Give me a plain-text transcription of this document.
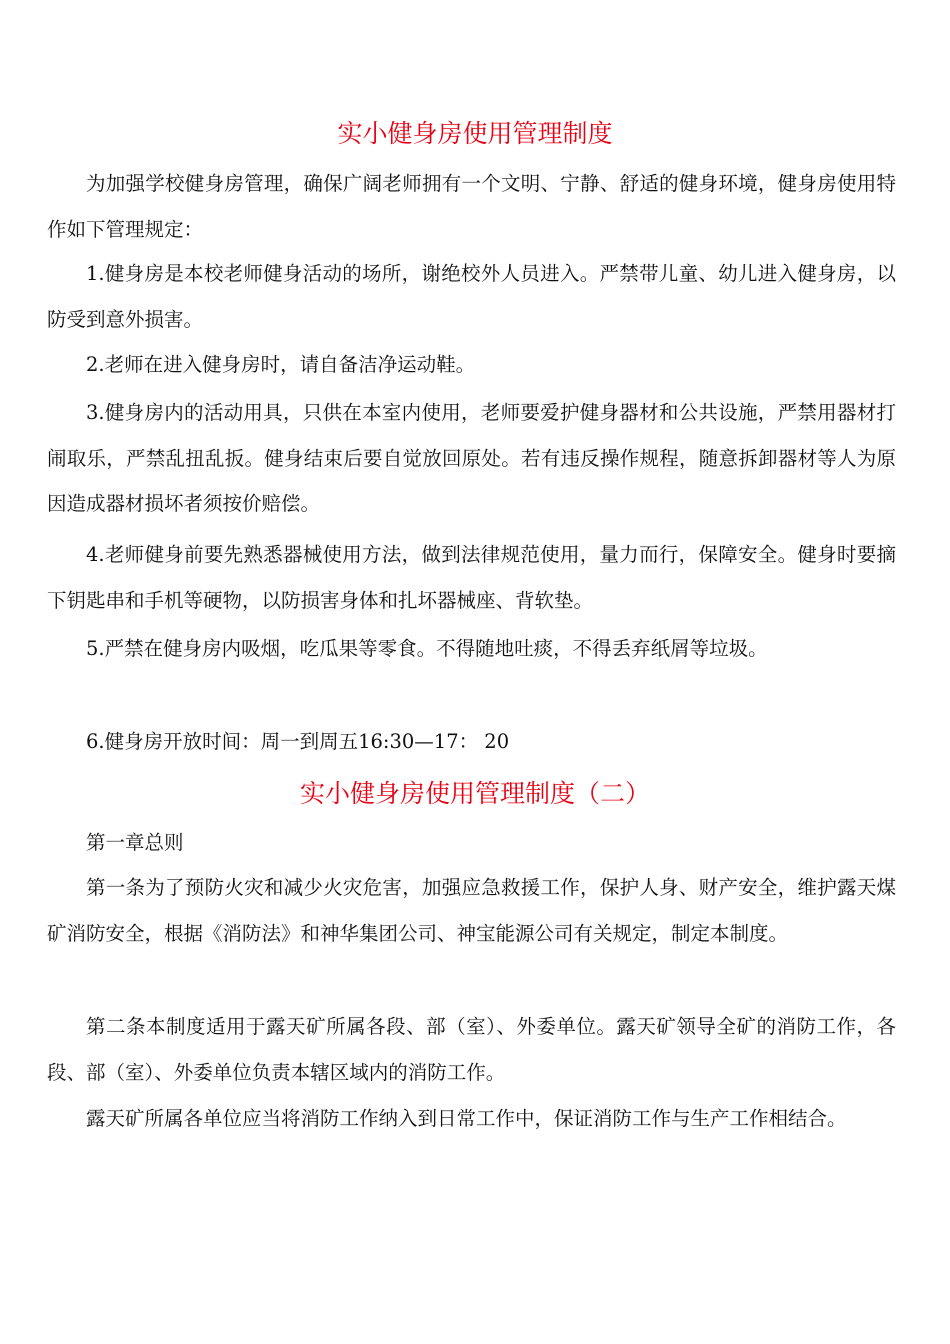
实小健身房使用管理制度

为加强学校健身房管理，确保广阔老师拥有一个文明、宁静、舒适的健身环境，健身房使用特作如下管理规定：

1.健身房是本校老师健身活动的场所，谢绝校外人员进入。严禁带儿童、幼儿进入健身房，以防受到意外损害。

2.老师在进入健身房时，请自备洁净运动鞋。

3.健身房内的活动用具，只供在本室内使用，老师要爱护健身器材和公共设施，严禁用器材打闹取乐，严禁乱扭乱扳。健身结束后要自觉放回原处。若有违反操作规程，随意拆卸器材等人为原因造成器材损坏者须按价赔偿。

4.老师健身前要先熟悉器械使用方法，做到法律规范使用，量力而行，保障安全。健身时要摘下钥匙串和手机等硬物，以防损害身体和扎坏器械座、背软垫。

5.严禁在健身房内吸烟，吃瓜果等零食。不得随地吐痰，不得丢弃纸屑等垃圾。

6.健身房开放时间：周一到周五16:30—17： 20

实小健身房使用管理制度（二）

第一章总则

第一条为了预防火灾和减少火灾危害，加强应急救援工作，保护人身、财产安全，维护露天煤矿消防安全，根据《消防法》和神华集团公司、神宝能源公司有关规定，制定本制度。

第二条本制度适用于露天矿所属各段、部（室）、外委单位。露天矿领导全矿的消防工作，各段、部（室）、外委单位负责本辖区域内的消防工作。

露天矿所属各单位应当将消防工作纳入到日常工作中，保证消防工作与生产工作相结合。
